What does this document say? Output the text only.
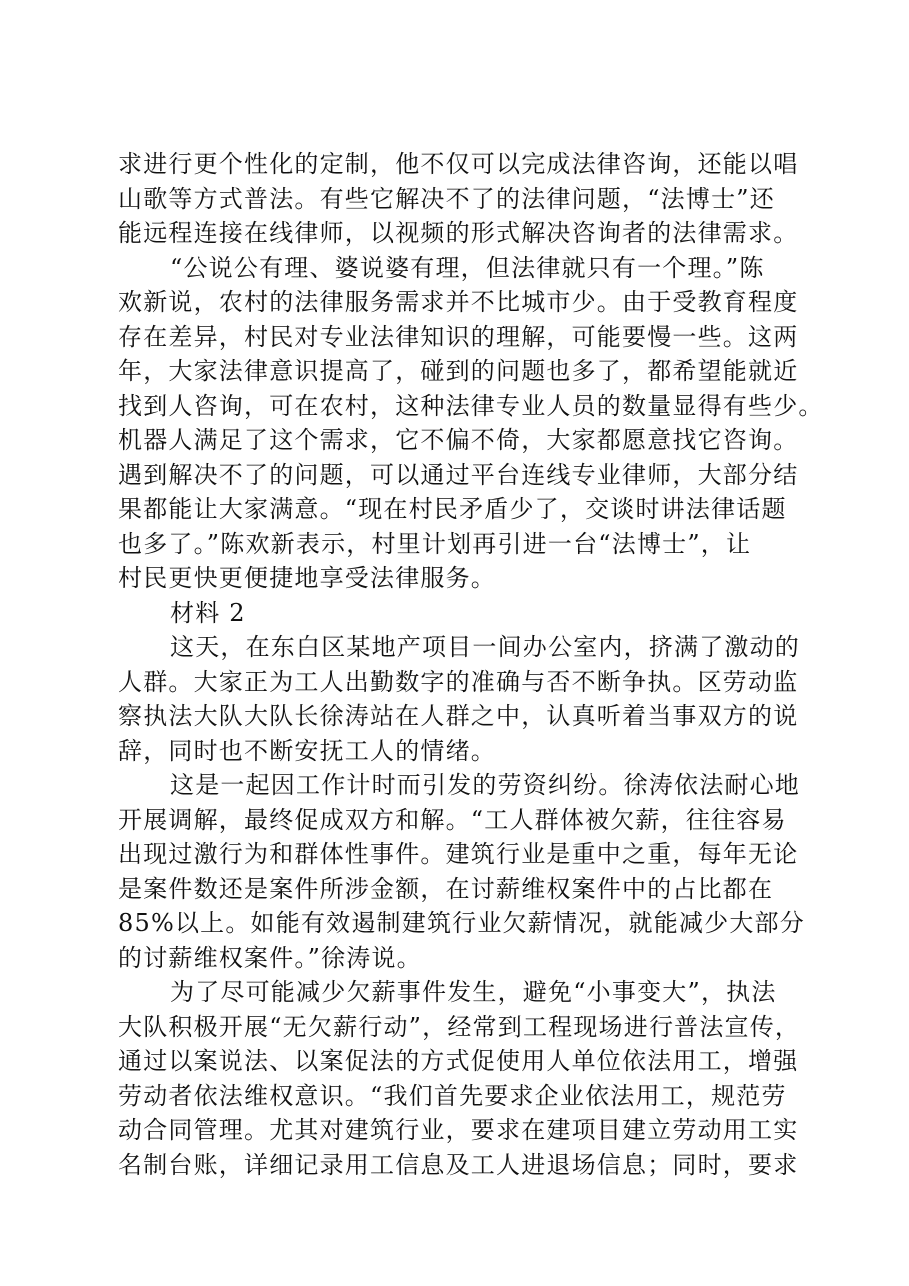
求进行更个性化的定制，他不仅可以完成法律咨询，还能以唱
山歌等方式普法。有些它解决不了的法律问题，“法博士”还
能远程连接在线律师，以视频的形式解决咨询者的法律需求。
“公说公有理、婆说婆有理，但法律就只有一个理。”陈
欢新说，农村的法律服务需求并不比城市少。由于受教育程度
存在差异，村民对专业法律知识的理解，可能要慢一些。这两
年，大家法律意识提高了，碰到的问题也多了，都希望能就近
找到人咨询，可在农村，这种法律专业人员的数量显得有些少。
机器人满足了这个需求，它不偏不倚，大家都愿意找它咨询。
遇到解决不了的问题，可以通过平台连线专业律师，大部分结
果都能让大家满意。“现在村民矛盾少了，交谈时讲法律话题
也多了。”陈欢新表示，村里计划再引进一台“法博士”，让
村民更快更便捷地享受法律服务。
材料 2
这天，在东白区某地产项目一间办公室内，挤满了激动的
人群。大家正为工人出勤数字的准确与否不断争执。区劳动监
察执法大队大队长徐涛站在人群之中，认真听着当事双方的说
辞，同时也不断安抚工人的情绪。
这是一起因工作计时而引发的劳资纠纷。徐涛依法耐心地
开展调解，最终促成双方和解。“工人群体被欠薪，往往容易
出现过激行为和群体性事件。建筑行业是重中之重，每年无论
是案件数还是案件所涉金额，在讨薪维权案件中的占比都在
85%以上。如能有效遏制建筑行业欠薪情况，就能减少大部分
的讨薪维权案件。”徐涛说。
为了尽可能减少欠薪事件发生，避免“小事变大”，执法
大队积极开展“无欠薪行动”，经常到工程现场进行普法宣传，
通过以案说法、以案促法的方式促使用人单位依法用工，增强
劳动者依法维权意识。“我们首先要求企业依法用工，规范劳
动合同管理。尤其对建筑行业，要求在建项目建立劳动用工实
名制台账，详细记录用工信息及工人进退场信息；同时，要求
